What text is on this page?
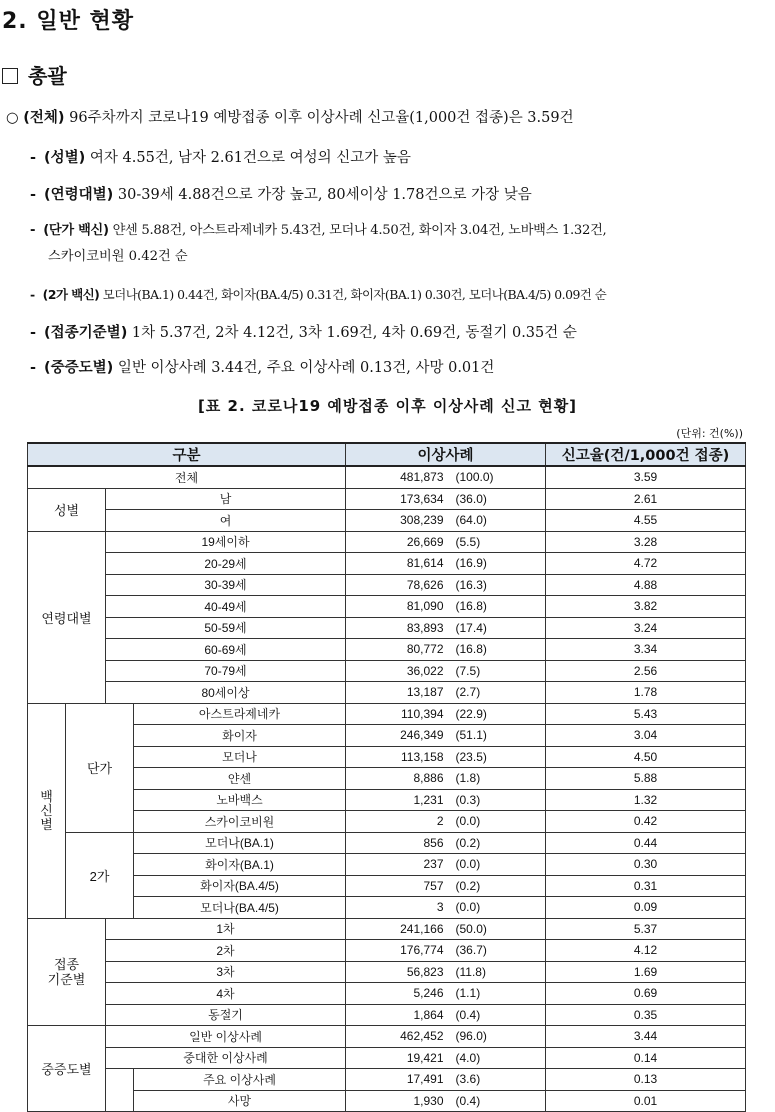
2. 일반 현황
총괄
○ (전체) 96주차까지 코로나19 예방접종 이후 이상사례 신고율(1,000건 접종)은 3.59건
- (성별) 여자 4.55건, 남자 2.61건으로 여성의 신고가 높음
- (연령대별) 30-39세 4.88건으로 가장 높고, 80세이상 1.78건으로 가장 낮음
- (단가 백신) 얀센 5.88건, 아스트라제네카 5.43건, 모더나 4.50건, 화이자 3.04건, 노바백스 1.32건,
스카이코비원 0.42건 순
- (2가 백신) 모더나(BA.1) 0.44건, 화이자(BA.4/5) 0.31건, 화이자(BA.1) 0.30건, 모더나(BA.4/5) 0.09건 순
- (접종기준별) 1차 5.37건, 2차 4.12건, 3차 1.69건, 4차 0.69건, 동절기 0.35건 순
- (중증도별) 일반 이상사례 3.44건, 주요 이상사례 0.13건, 사망 0.01건
[표 2. 코로나19 예방접종 이후 이상사례 신고 현황]
(단위: 건(%))
구분				이상사례	신고율(건/1,000건 접종)
전체				481,873 (100.0)	3.59
성별		남		173,634 (36.0)	2.61
		여		308,239 (64.0)	4.55
연령대별		19세이하		26,669 (5.5)	3.28
		20-29세		81,614 (16.9)	4.72
		30-39세		78,626 (16.3)	4.88
		40-49세		81,090 (16.8)	3.82
		50-59세		83,893 (17.4)	3.24
		60-69세		80,772 (16.8)	3.34
		70-79세		36,022 (7.5)	2.56
		80세이상		13,187 (2.7)	1.78
백
신
별	단가		아스트라제네카	110,394 (22.9)	5.43
			화이자	246,349 (51.1)	3.04
			모더나	113,158 (23.5)	4.50
			얀센	8,886 (1.8)	5.88
			노바백스	1,231 (0.3)	1.32
			스카이코비원	2 (0.0)	0.42
	2가		모더나(BA.1)	856 (0.2)	0.44
			화이자(BA.1)	237 (0.0)	0.30
			화이자(BA.4/5)	757 (0.2)	0.31
			모더나(BA.4/5)	3 (0.0)	0.09
접종
기준별		1차		241,166 (50.0)	5.37
		2차		176,774 (36.7)	4.12
		3차		56,823 (11.8)	1.69
		4차		5,246 (1.1)	0.69
		동절기		1,864 (0.4)	0.35
중증도별		일반 이상사례		462,452 (96.0)	3.44
		중대한 이상사례		19,421 (4.0)	0.14
			주요 이상사례	17,491 (3.6)	0.13
			사망	1,930 (0.4)	0.01
